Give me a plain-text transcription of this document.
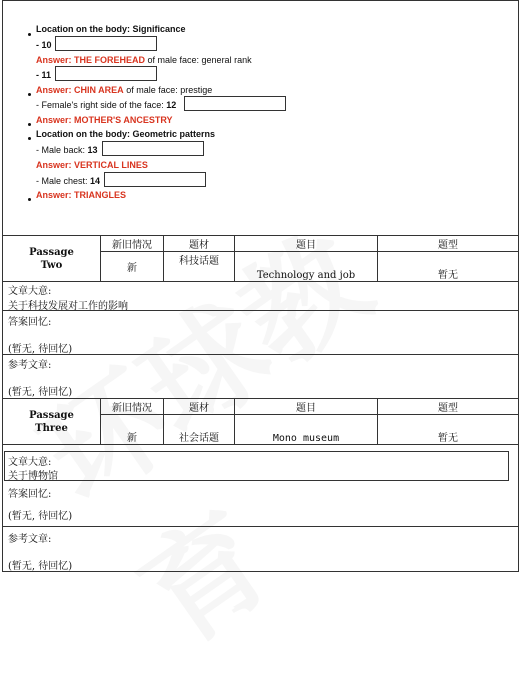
Location on the body: Significance
- 10
Answer: THE FOREHEAD of male face: general rank
- 11
Answer: CHIN AREA of male face: prestige
- Female's right side of the face: 12
Answer: MOTHER'S ANCESTRY
Location on the body: Geometric patterns
- Male back: 13
Answer: VERTICAL LINES
- Male chest: 14
Answer: TRIANGLES
Passage Two	新旧情况	题材	题目	题型
	新	科技话题	Technology and job	暂无
文章大意:
关于科技发展对工作的影响
答案回忆:
(暂无, 待回忆)
参考文章:
(暂无, 待回忆)
Passage Three	新旧情况	题材	题目	题型
	新	社会话题	Mono museum	暂无
文章大意:
关于博物馆
答案回忆:
(暂无, 待回忆)
参考文章:
(暂无, 待回忆)
